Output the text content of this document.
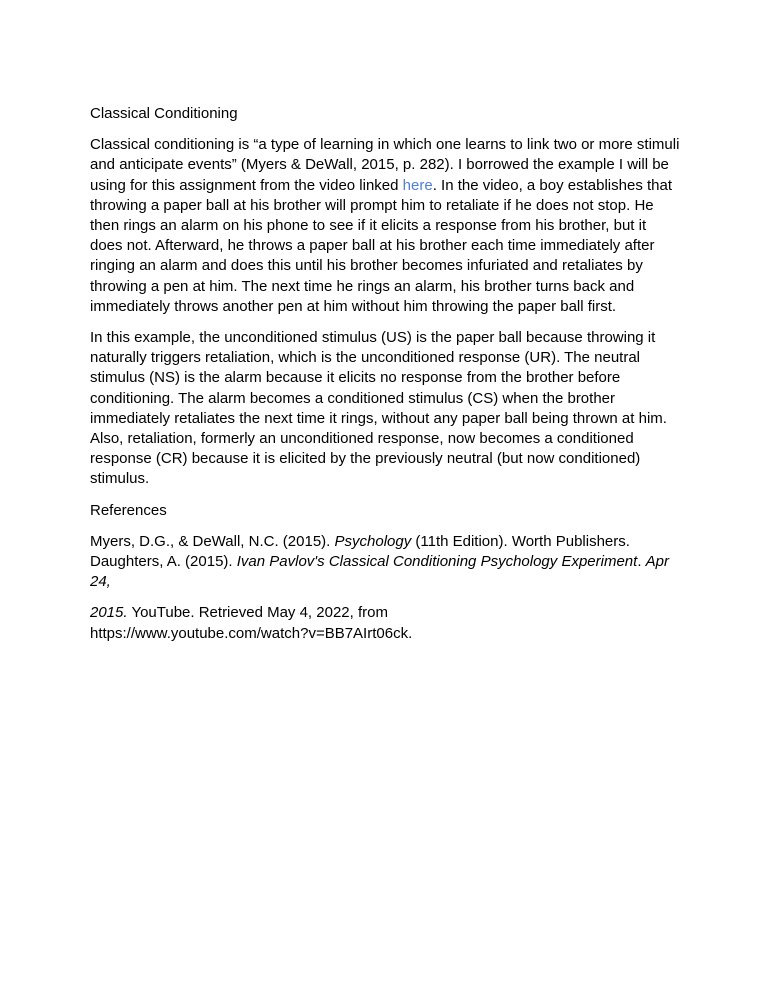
Classical Conditioning
Classical conditioning is “a type of learning in which one learns to link two or more stimuli and anticipate events” (Myers & DeWall, 2015, p. 282). I borrowed the example I will be using for this assignment from the video linked here. In the video, a boy establishes that throwing a paper ball at his brother will prompt him to retaliate if he does not stop. He then rings an alarm on his phone to see if it elicits a response from his brother, but it does not. Afterward, he throws a paper ball at his brother each time immediately after ringing an alarm and does this until his brother becomes infuriated and retaliates by throwing a pen at him. The next time he rings an alarm, his brother turns back and immediately throws another pen at him without him throwing the paper ball first.
In this example, the unconditioned stimulus (US) is the paper ball because throwing it naturally triggers retaliation, which is the unconditioned response (UR). The neutral stimulus (NS) is the alarm because it elicits no response from the brother before conditioning. The alarm becomes a conditioned stimulus (CS) when the brother immediately retaliates the next time it rings, without any paper ball being thrown at him. Also, retaliation, formerly an unconditioned response, now becomes a conditioned response (CR) because it is elicited by the previously neutral (but now conditioned) stimulus.
References
Myers, D.G., & DeWall, N.C. (2015). Psychology (11th Edition). Worth Publishers.
Daughters, A. (2015). Ivan Pavlov's Classical Conditioning Psychology Experiment. Apr 24,
2015. YouTube. Retrieved May 4, 2022, from
https://www.youtube.com/watch?v=BB7AIrt06ck.
